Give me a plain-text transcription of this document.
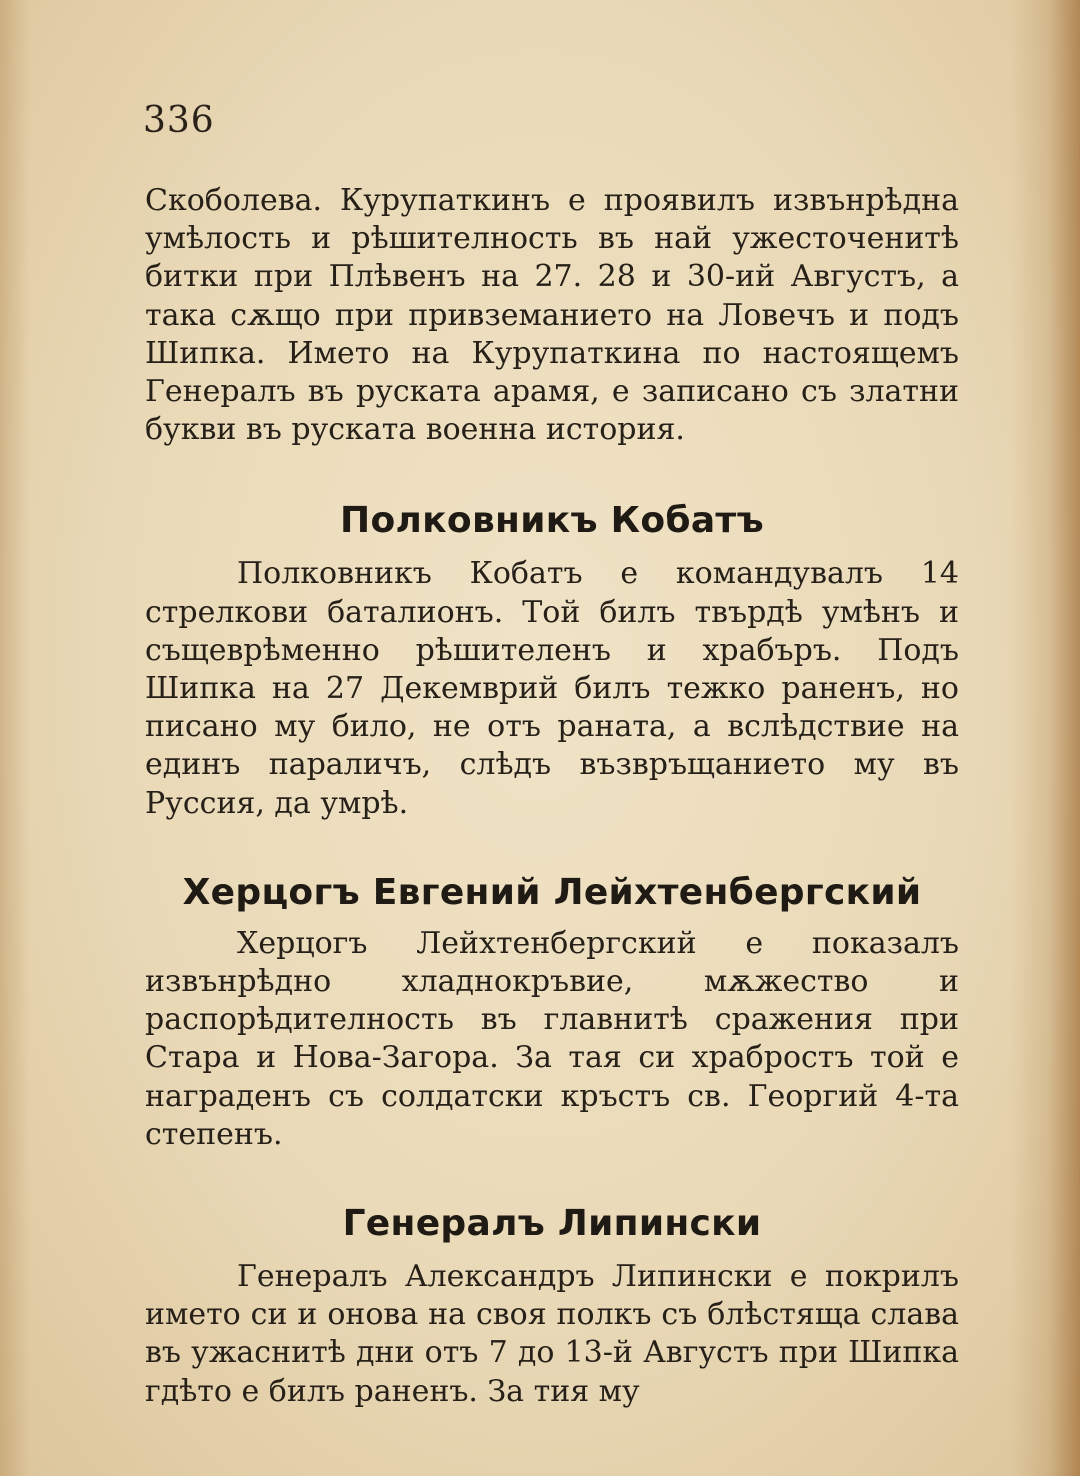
336

Скоболева. Курупаткинъ е проявилъ извънрѣдна умѣлость и рѣшителность въ най ужесточенитѣ битки при Плѣвенъ на 27. 28 и 30-ий Августъ, а така сѫщо при привземанието на Ловечъ и подъ Шипка. Името на Курупаткина по настоящемъ Генералъ въ руската арамя, е записано съ златни букви въ руската военна история.

Полковникъ Кобатъ

Полковникъ Кобатъ е командувалъ 14 стрелкови баталионъ. Той билъ твърдѣ умѣнъ и същеврѣменно рѣшителенъ и храбъръ. Подъ Шипка на 27 Декемврий билъ тежко раненъ, но писано му било, не отъ раната, а вслѣдствие на единъ параличъ, слѣдъ възвръщанието му въ Руссия, да умрѣ.

Херцогъ Евгений Лейхтенбергский

Херцогъ Лейхтенбергский е показалъ извънрѣдно хладнокръвие, мѫжество и распорѣдителность въ главнитѣ сражения при Стара и Нова-Загора. За тая си храбростъ той е награденъ съ солдатски кръстъ св. Георгий 4-та степенъ.

Генералъ Липински

Генералъ Александръ Липински е покрилъ името си и онова на своя полкъ съ блѣстяща слава въ ужаснитѣ дни отъ 7 до 13-й Августъ при Шипка гдѣто е билъ раненъ. За тия му
